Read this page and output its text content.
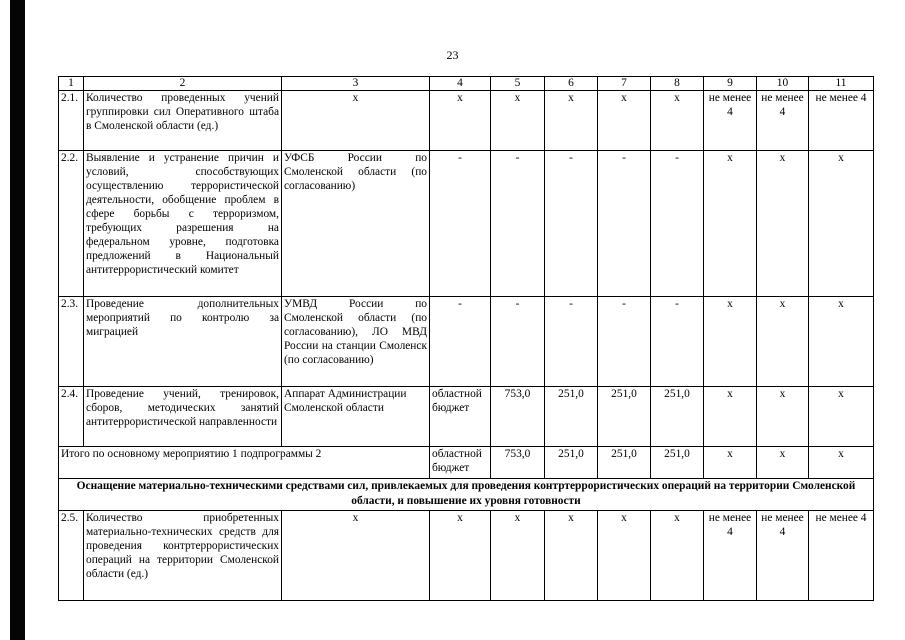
23
1	2	3	4	5	6	7	8	9	10	11
2.1.	Количество проведенных учений группировки сил Оперативного штаба в Смоленской области (ед.)	х	х	х	х	х	х	не менее 4	не менее 4	не менее 4
2.2.	Выявление и устранение причин и условий, способствующих осуществлению террористической деятельности, обобщение проблем в сфере борьбы с терроризмом, требующих разрешения на федеральном уровне, подготовка предложений в Национальный антитеррористический комитет	УФСБ России по Смоленской области (по согласованию)	-	-	-	-	-	х	х	х
2.3.	Проведение дополнительных мероприятий по контролю за миграцией	УМВД России по Смоленской области (по согласованию), ЛО МВД России на станции Смоленск (по согласованию)	-	-	-	-	-	х	х	х
2.4.	Проведение учений, тренировок, сборов, методических занятий антитеррористической направленности	Аппарат Администрации Смоленской области	областной бюджет	753,0	251,0	251,0	251,0	х	х	х
Итого по основному мероприятию 1 подпрограммы 2			областной бюджет	753,0	251,0	251,0	251,0	х	х	х
Оснащение материально-техническими средствами сил, привлекаемых для проведения контртеррористических операций на территории Смоленской области, и повышение их уровня готовности										
2.5.	Количество приобретенных материально-технических средств для проведения контртеррористических операций на территории Смоленской области (ед.)	х	х	х	х	х	х	не менее 4	не менее 4	не менее 4
